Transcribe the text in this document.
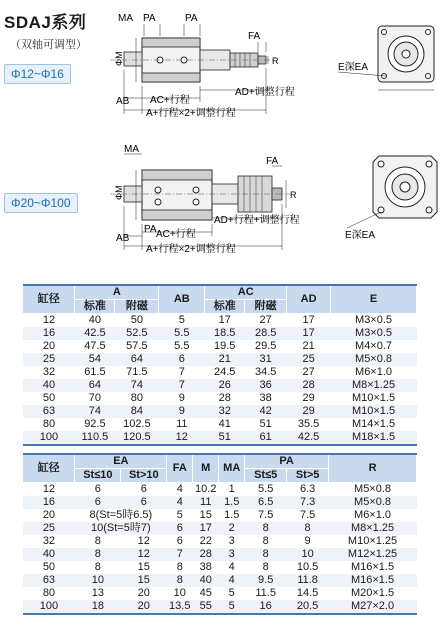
SDAJ系列
（双轴可调型）
Φ12~Φ16
Φ20~Φ100
MA PA	PA
FA
ΦM	R
AB AC+行程
AD+调整行程
A+行程×2+调整行程
E深EA
MA
ΦM
FA
R
PA
AB	AC+行程
AD+行程+调整行程
A+行程×2+调整行程
E深EA
缸径	A		AB	AC		AD	E
	标准	附磁		标准	附磁		
12	40	50	5	17	27	17	M3×0.5
16	42.5	52.5	5.5	18.5	28.5	17	M3×0.5
20	47.5	57.5	5.5	19.5	29.5	21	M4×0.7
25	54	64	6	21	31	25	M5×0.8
32	61.5	71.5	7	24.5	34.5	27	M6×1.0
40	64	74	7	26	36	28	M8×1.25
50	70	80	9	28	38	29	M10×1.5
63	74	84	9	32	42	29	M10×1.5
80	92.5	102.5	11	41	51	35.5	M14×1.5
100	110.5	120.5	12	51	61	42.5	M18×1.5
缸径	EA		FA	M	MA	PA		R
	St≤10	St>10				St≤5	St>5	
12	6	6	4	10.2	1	5.5	6.3	M5×0.8
16	6	6	4	11	1.5	6.5	7.3	M5×0.8
20	8(St=5時6.5)		5	15	1.5	7.5	7.5	M6×1.0
25	10(St=5時7)		6	17	2	8	8	M8×1.25
32	8	12	6	22	3	8	9	M10×1.25
40	8	12	7	28	3	8	10	M12×1.25
50	8	15	8	38	4	8	10.5	M16×1.5
63	10	15	8	40	4	9.5	11.8	M16×1.5
80	13	20	10	45	5	11.5	14.5	M20×1.5
100	18	20	13.5	55	5	16	20.5	M27×2.0
